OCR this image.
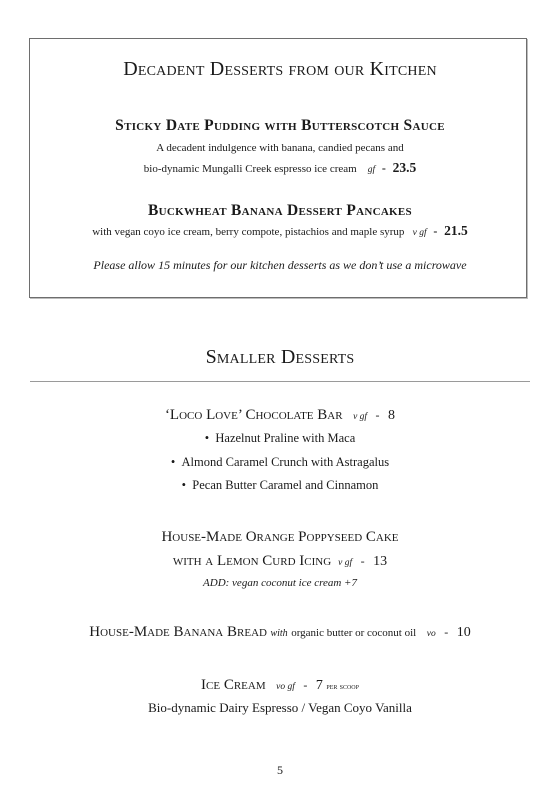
Decadent Desserts from our Kitchen
Sticky Date Pudding with Butterscotch Sauce
A decadent indulgence with banana, candied pecans and
bio-dynamic Mungalli Creek espresso ice cream gf - 23.5
Buckwheat Banana Dessert Pancakes
with vegan coyo ice cream, berry compote, pistachios and maple syrup v gf - 21.5
Please allow 15 minutes for our kitchen desserts as we don’t use a microwave
Smaller Desserts
‘Loco Love’ Chocolate Bar v gf - 8
•  Hazelnut Praline with Maca
•  Almond Caramel Crunch with Astragalus
•  Pecan Butter Caramel and Cinnamon
House-Made Orange Poppyseed Cake
with a Lemon Curd Icing v gf - 13
ADD: vegan coconut ice cream +7
House-Made Banana Bread with organic butter or coconut oil vo - 10
Ice Cream vo gf - 7 per scoop
Bio-dynamic Dairy Espresso / Vegan Coyo Vanilla
5
